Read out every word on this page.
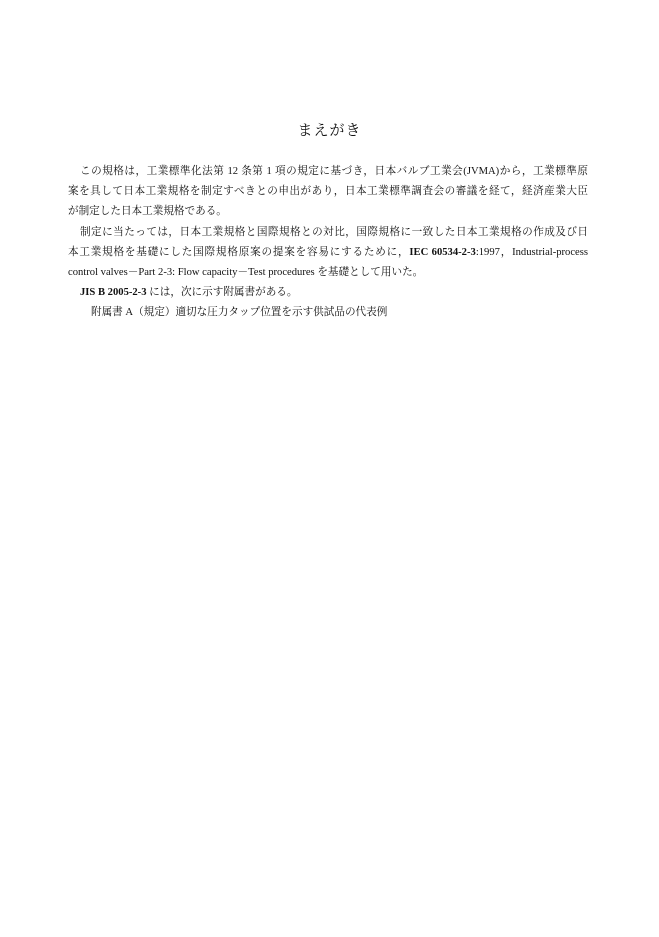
まえがき
この規格は，工業標準化法第 12 条第 1 項の規定に基づき，日本バルブ工業会(JVMA)から，工業標準原
案を具して日本工業規格を制定すべきとの申出があり，日本工業標準調査会の審議を経て，経済産業大臣
が制定した日本工業規格である。
制定に当たっては，日本工業規格と国際規格との対比，国際規格に一致した日本工業規格の作成及び日
本工業規格を基礎にした国際規格原案の提案を容易にするために，IEC 60534-2-3:1997，Industrial-process
control valves－Part 2-3: Flow capacity－Test procedures を基礎として用いた。
JIS B 2005-2-3 には，次に示す附属書がある。
附属書 A（規定）適切な圧力タップ位置を示す供試品の代表例
